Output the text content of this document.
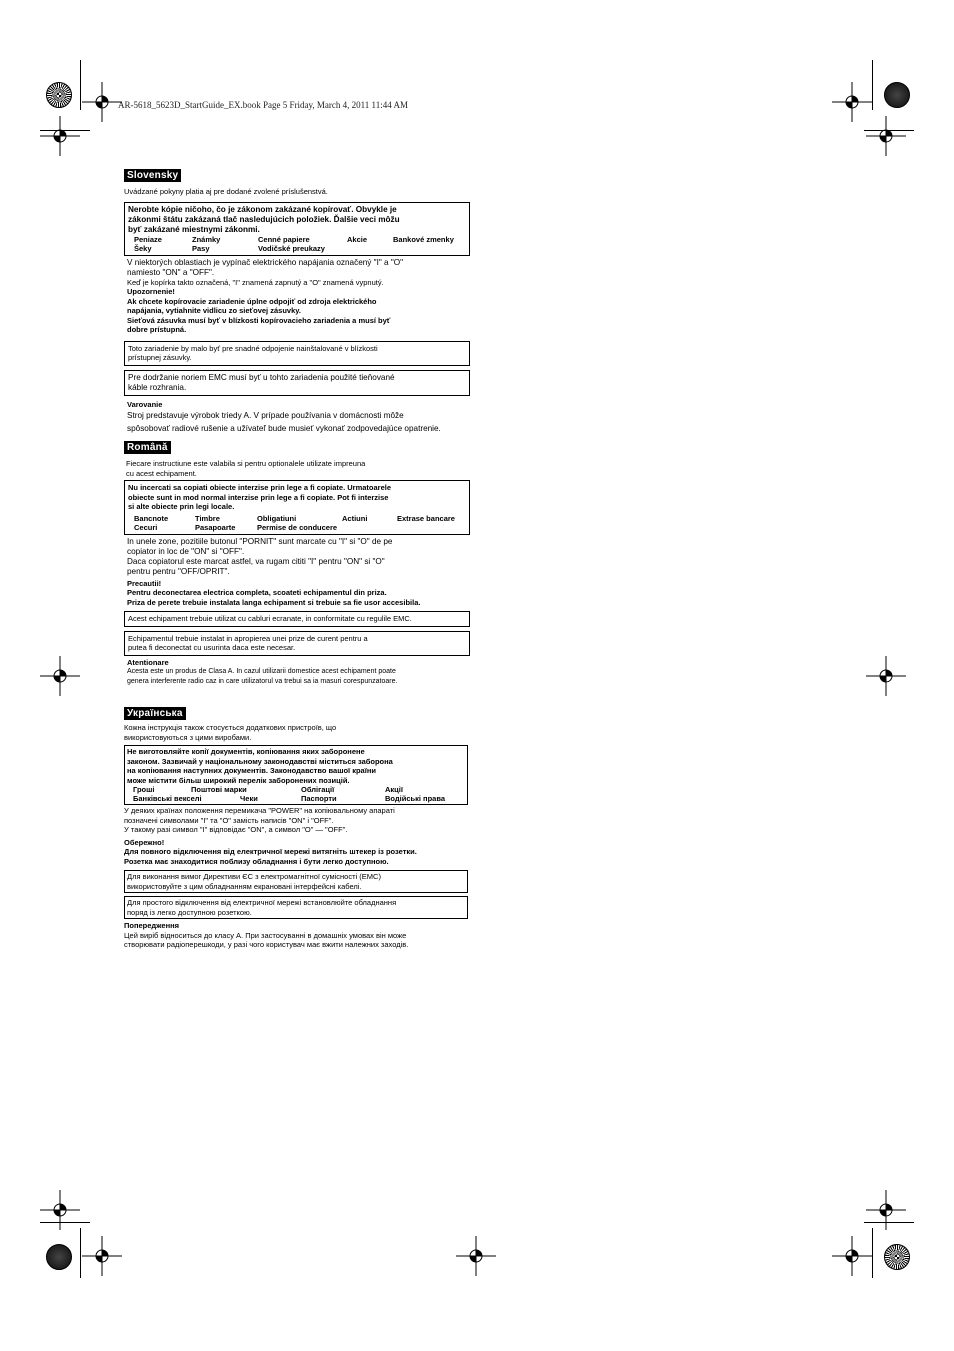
AR-5618_5623D_StartGuide_EX.book Page 5 Friday, March 4, 2011 11:44 AM
Slovensky

Uvádzané pokyny platia aj pre dodané zvolené príslušenstvá.

Nerobte kópie ničoho, čo je zákonom zakázané kopírovať. Obvykle je

zákonmi štátu zakázaná tlač nasledujúcich položiek. Ďalšie veci môžu

byť zakázané miestnymi zákonmi.

Peniaze	Známky	Cenné papiere	Akcie	Bankové zmenky
Šeky	Pasy	Vodičské preukazy

V niektorých oblastiach je vypínač elektrického napájania označený "I" a "O"

namiesto "ON" a "OFF".

Keď je kopírka takto označená, "I" znamená zapnutý a "O" znamená vypnutý.

Upozornenie!

Ak chcete kopírovacie zariadenie úplne odpojiť od zdroja elektrického

napájania, vytiahnite vidlicu zo sieťovej zásuvky.

Sieťová zásuvka musí byť v blízkosti kopírovacieho zariadenia a musí byť

dobre prístupná.

Toto zariadenie by malo byť pre snadné odpojenie nainštalované v blízkosti

prístupnej zásuvky.

Pre dodržanie noriem EMC musí byť u tohto zariadenia použité tieňované

káble rozhrania.

Varovanie

Stroj predstavuje výrobok triedy A. V prípade používania v domácnosti môže

spôsobovať radiové rušenie a užívateľ bude musieť vykonať zodpovedajúce opatrenie.

Română

Fiecare instructiune este valabila si pentru optionalele utilizate impreuna

cu acest echipament.

Nu incercati sa copiati obiecte interzise prin lege a fi copiate. Urmatoarele

obiecte sunt in mod normal interzise prin lege a fi copiate. Pot fi interzise

si alte obiecte prin legi locale.

Bancnote	Timbre	Obligatiuni	Actiuni	Extrase bancare
Cecuri	Pasapoarte	Permise de conducere

In unele zone, pozitiile butonul "PORNIT" sunt marcate cu "I" si "O" de pe

copiator in loc de "ON" si "OFF".

Daca copiatorul este marcat astfel, va rugam cititi "I" pentru "ON" si "O"

pentru pentru "OFF/OPRIT".

Precautii!

Pentru deconectarea electrica completa, scoateti echipamentul din priza.

Priza de perete trebuie instalata langa echipament si trebuie sa fie usor accesibila.

Acest echipament trebuie utilizat cu cabluri ecranate, in conformitate cu regulile EMC.

Echipamentul trebuie instalat in apropierea unei prize de curent pentru a

putea fi deconectat cu usurinta daca este necesar.

Atentionare

Acesta este un produs de Clasa A. In cazul utilizarii domestice acest echipament poate

genera interferente radio caz in care utilizatorul va trebui sa ia masuri corespunzatoare.

Українська

Кожна інструкція також стосується додаткових пристроїв, що

використовуються з цими виробами.

Не виготовляйте копії документів, копіювання яких заборонене

законом. Зазвичай у національному законодавстві міститься заборона

на копіювання наступних документів. Законодавство вашої країни

може містити більш широкий перелік заборонених позицій.

Гроші	Поштові марки	Облігації	Акції
Банківські векселі	Чеки	Паспорти	Водійські права

У деяких країнах положення перемикача "POWER" на копіювальному апараті

позначені символами "I" та "O" замість написів "ON" і "OFF".

У такому разі символ "I" відповідає "ON", а символ "O" — "OFF".

Обережно!

Для повного відключення від електричної мережі витягніть штекер із розетки.

Розетка має знаходитися поблизу обладнання і бути легко доступною.

Для виконання вимог Директиви ЄС з електромагнітної сумісності (EMC)

використовуйте з цим обладнанням екрановані інтерфейсні кабелі.

Для простого відключення від електричної мережі встановлюйте обладнання

поряд із легко доступною розеткою.

Попередження

Цей виріб відноситься до класу A. При застосуванні в домашніх умовах він може

створювати радіоперешкоди, у разі чого користувач має вжити належних заходів.
